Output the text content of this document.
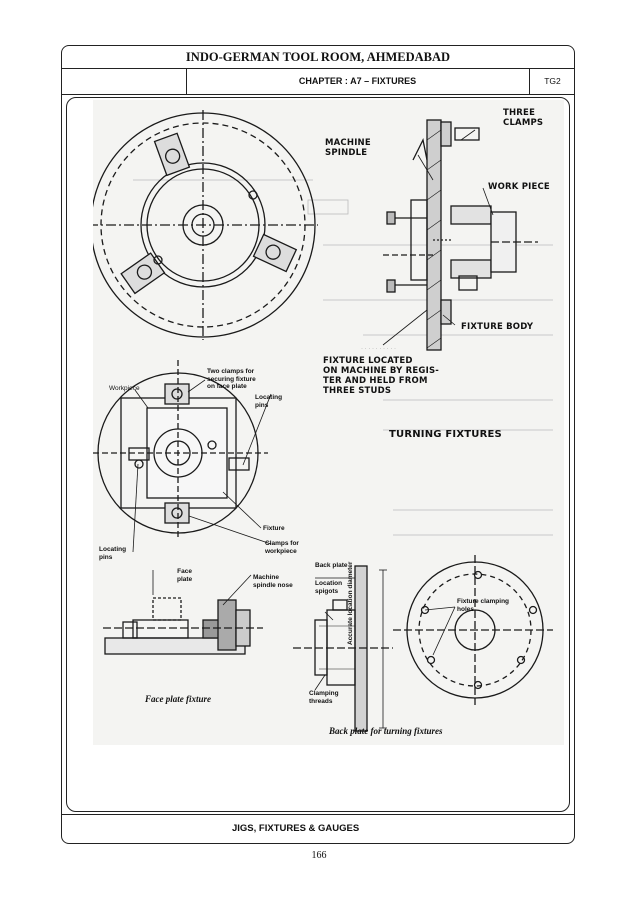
INDO-GERMAN TOOL ROOM, AHMEDABAD
CHAPTER : A7 – FIXTURES	TG2
· · · · · · · · · ·
THREE
CLAMPS
MACHINE
SPINDLE
WORK PIECE
FIXTURE BODY
FIXTURE LOCATED
ON MACHINE BY REGIS-
TER AND HELD FROM
THREE STUDS
TURNING FIXTURES
Workpiece
Two clamps for
securing fixture
on face plate
Locating
pins
Fixture
Clamps for
workpiece
Locating
pins
Face
plate	Machine
spindle nose
Face plate fixture
Back plate
Location
spigots
Clamping
threads
Accurate location diameter	Fixture clamping
holes
Back plate for turning fixtures
JIGS, FIXTURES & GAUGES
166
